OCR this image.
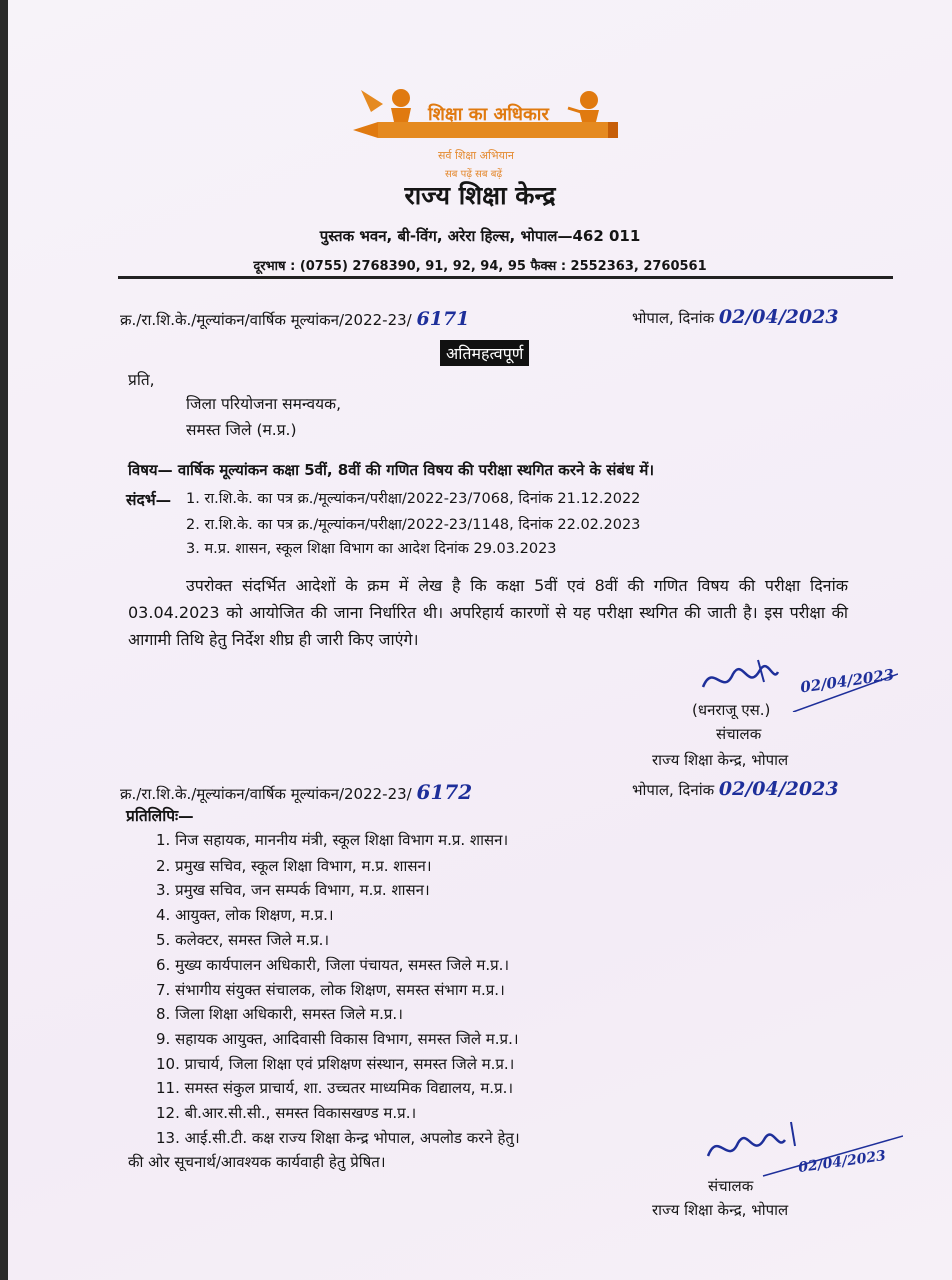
शिक्षा का अधिकार
सर्व शिक्षा अभियान
सब पढ़ें सब बढ़ें
राज्य शिक्षा केन्द्र
पुस्तक भवन, बी-विंग, अरेरा हिल्स, भोपाल—462 011
दूरभाष : (0755) 2768390, 91, 92, 94, 95 फैक्स : 2552363, 2760561
क्र./रा.शि.के./मूल्यांकन/वार्षिक मूल्यांकन/2022-23/ 6171	भोपाल, दिनांक 02/04/2023
अतिमहत्वपूर्ण
प्रति,
जिला परियोजना समन्वयक,
समस्त जिले (म.प्र.)
विषय— वार्षिक मूल्यांकन कक्षा 5वीं, 8वीं की गणित विषय की परीक्षा स्थगित करने के संबंध में।
संदर्भ— 1. रा.शि.के. का पत्र क्र./मूल्यांकन/परीक्षा/2022-23/7068, दिनांक 21.12.2022
2. रा.शि.के. का पत्र क्र./मूल्यांकन/परीक्षा/2022-23/1148, दिनांक 22.02.2023
3. म.प्र. शासन, स्कूल शिक्षा विभाग का आदेश दिनांक 29.03.2023
उपरोक्त संदर्भित आदेशों के क्रम में लेख है कि कक्षा 5वीं एवं 8वीं की गणित विषय की परीक्षा दिनांक 03.04.2023 को आयोजित की जाना निर्धारित थी। अपरिहार्य कारणों से यह परीक्षा स्थगित की जाती है। इस परीक्षा की आगामी तिथि हेतु निर्देश शीघ्र ही जारी किए जाएंगे।
02/04/2023
(धनराजू एस.)
संचालक
राज्य शिक्षा केन्द्र, भोपाल
क्र./रा.शि.के./मूल्यांकन/वार्षिक मूल्यांकन/2022-23/ 6172	भोपाल, दिनांक 02/04/2023
प्रतिलिपिः—
1. निज सहायक, माननीय मंत्री, स्कूल शिक्षा विभाग म.प्र. शासन।
2. प्रमुख सचिव, स्कूल शिक्षा विभाग, म.प्र. शासन।
3. प्रमुख सचिव, जन सम्पर्क विभाग, म.प्र. शासन।
4. आयुक्त, लोक शिक्षण, म.प्र.।
5. कलेक्टर, समस्त जिले म.प्र.।
6. मुख्य कार्यपालन अधिकारी, जिला पंचायत, समस्त जिले म.प्र.।
7. संभागीय संयुक्त संचालक, लोक शिक्षण, समस्त संभाग म.प्र.।
8. जिला शिक्षा अधिकारी, समस्त जिले म.प्र.।
9. सहायक आयुक्त, आदिवासी विकास विभाग, समस्त जिले म.प्र.।
10. प्राचार्य, जिला शिक्षा एवं प्रशिक्षण संस्थान, समस्त जिले म.प्र.।
11. समस्त संकुल प्राचार्य, शा. उच्चतर माध्यमिक विद्यालय, म.प्र.।
12. बी.आर.सी.सी., समस्त विकासखण्ड म.प्र.।
13. आई.सी.टी. कक्ष राज्य शिक्षा केन्द्र भोपाल, अपलोड करने हेतु।
की ओर सूचनार्थ/आवश्यक कार्यवाही हेतु प्रेषित।	02/04/2023
संचालक
राज्य शिक्षा केन्द्र, भोपाल
